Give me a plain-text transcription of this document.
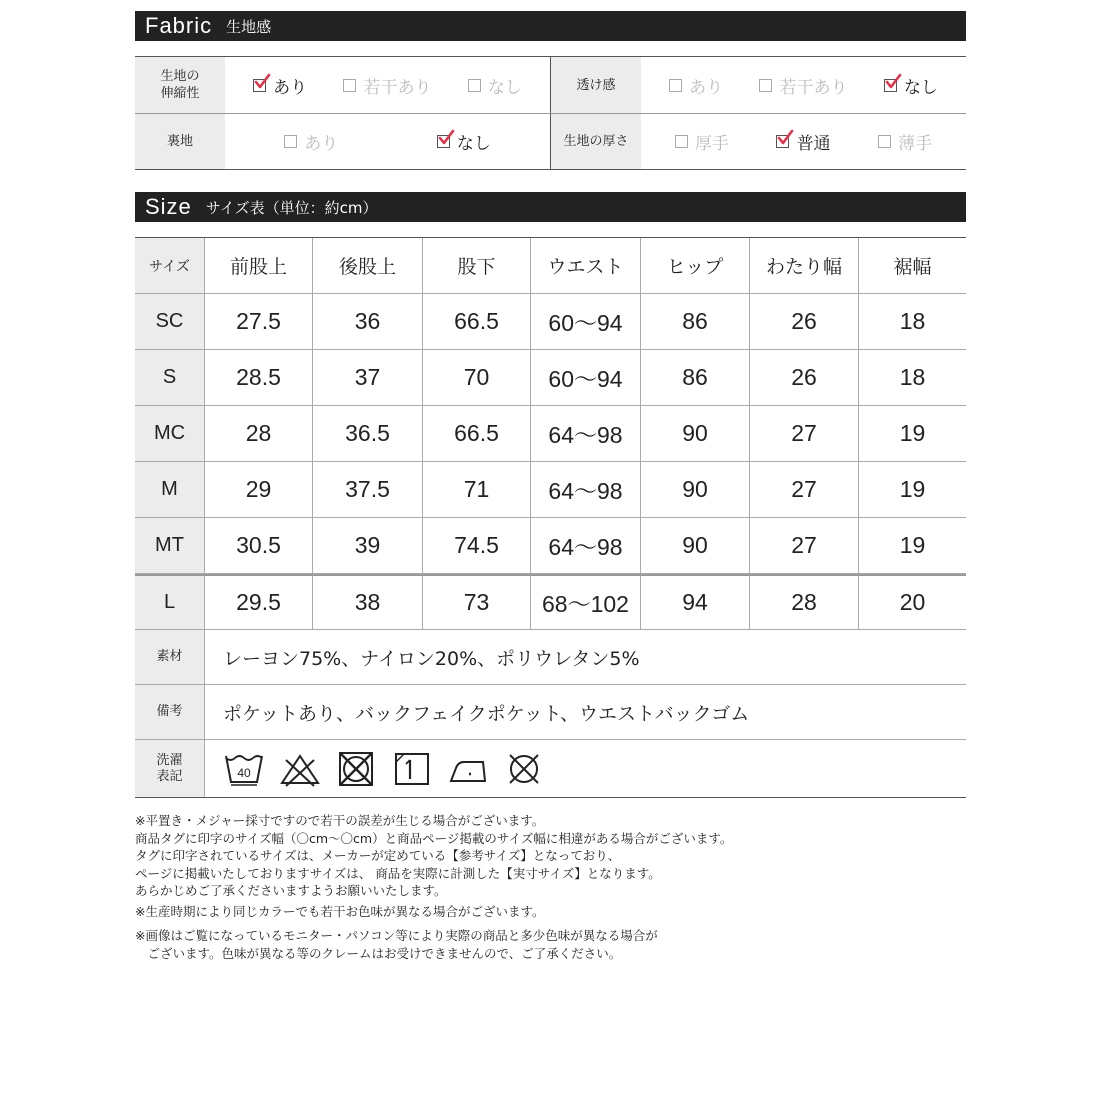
Fabric 生地感
生地の
伸縮性	あり	若干あり	なし	透け感	あり	若干あり	なし
裏地	あり	なし	生地の厚さ	厚手	普通	薄手
Size サイズ表（単位：約cm）
サイズ	前股上	後股上	股下	ウエスト	ヒップ	わたり幅	裾幅
SC	27.5	36	66.5	60〜94	86	26	18
S	28.5	37	70	60〜94	86	26	18
MC	28	36.5	66.5	64〜98	90	27	19
M	29	37.5	71	64〜98	90	27	19
MT	30.5	39	74.5	64〜98	90	27	19
L	29.5	38	73	68〜102	94	28	20
素材	レーヨン75%、ナイロン20%、ポリウレタン5%
備考	ポケットあり、バックフェイクポケット、ウエストバックゴム
洗濯
表記	40

※平置き・メジャー採寸ですので若干の誤差が生じる場合がございます。

商品タグに印字のサイズ幅（〇cm〜〇cm）と商品ページ掲載のサイズ幅に相違がある場合がございます。

タグに印字されているサイズは、メーカーが定めている【参考サイズ】となっており、

ページに掲載いたしておりますサイズは、 商品を実際に計測した【実寸サイズ】となります。

あらかじめご了承くださいますようお願いいたします。

※生産時期により同じカラーでも若干お色味が異なる場合がございます。

※画像はご覧になっているモニター・パソコン等により実際の商品と多少色味が異なる場合が

　ございます。色味が異なる等のクレームはお受けできませんので、ご了承ください。
